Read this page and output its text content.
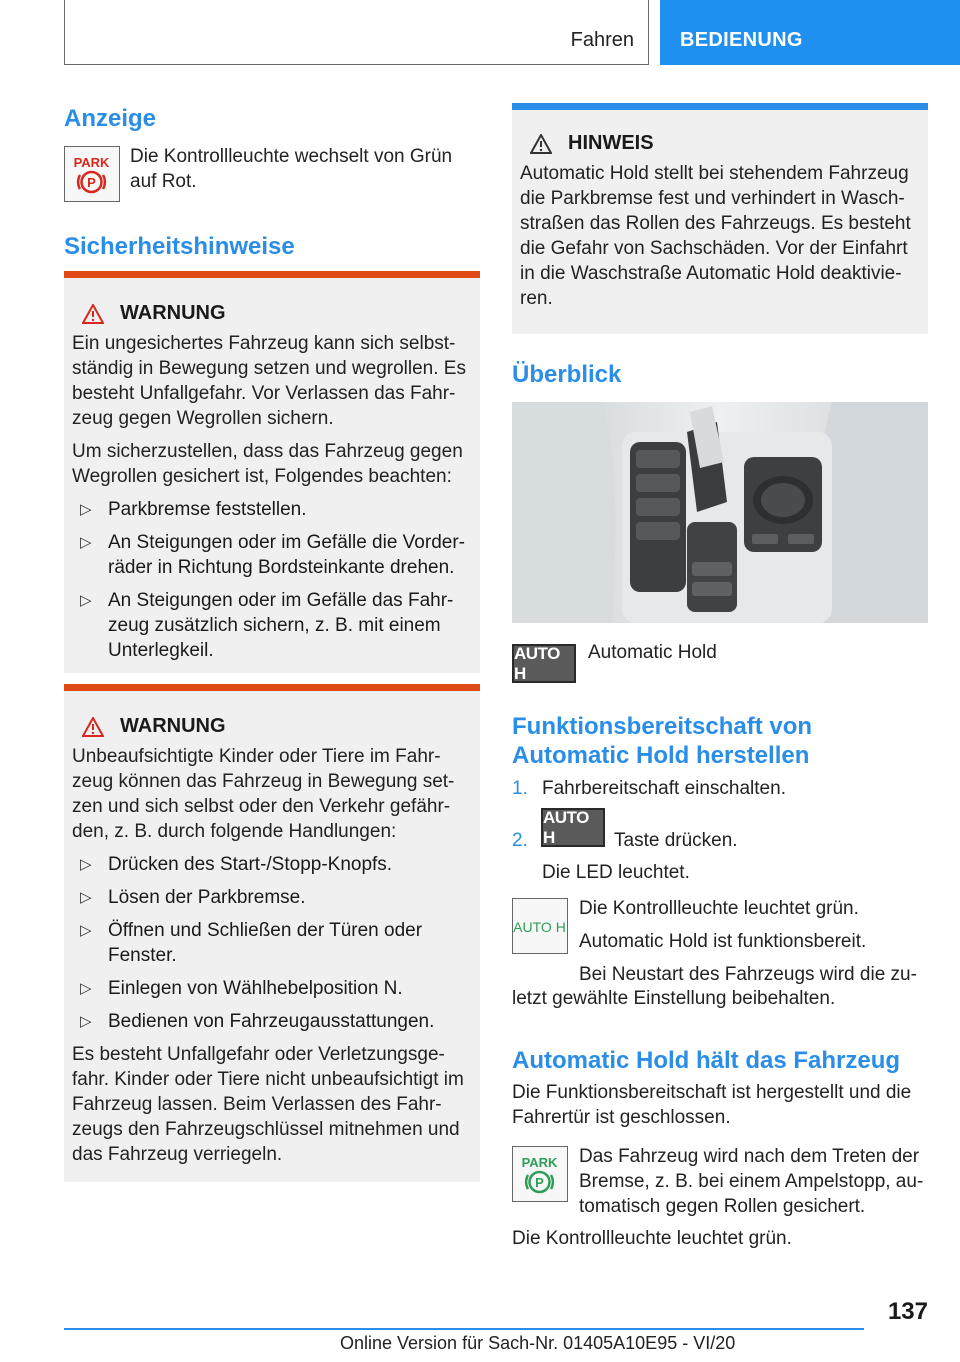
Fahren BEDIENUNG
Anzeige
PARK
P
Die Kontrollleuchte wechselt von Grün
auf Rot.
Sicherheitshinweise
WARNUNG
Ein ungesichertes Fahrzeug kann sich selbst-ständig in Bewegung setzen und wegrollen. Es besteht Unfallgefahr. Vor Verlassen das Fahr-zeug gegen Wegrollen sichern.
Um sicherzustellen, dass das Fahrzeug gegen Wegrollen gesichert ist, Folgendes beachten:
▷ Parkbremse feststellen.
▷ An Steigungen oder im Gefälle die Vorder-räder in Richtung Bordsteinkante drehen.
▷ An Steigungen oder im Gefälle das Fahr-zeug zusätzlich sichern, z. B. mit einem Unterlegkeil.
WARNUNG
Unbeaufsichtigte Kinder oder Tiere im Fahr-zeug können das Fahrzeug in Bewegung set-zen und sich selbst oder den Verkehr gefähr-den, z. B. durch folgende Handlungen:
▷ Drücken des Start-/Stopp-Knopfs.
▷ Lösen der Parkbremse.
▷ Öffnen und Schließen der Türen oder Fenster.
▷ Einlegen von Wählhebelposition N.
▷ Bedienen von Fahrzeugausstattungen.
Es besteht Unfallgefahr oder Verletzungsge-fahr. Kinder oder Tiere nicht unbeaufsichtigt im Fahrzeug lassen. Beim Verlassen des Fahr-zeugs den Fahrzeugschlüssel mitnehmen und das Fahrzeug verriegeln.
HINWEIS
Automatic Hold stellt bei stehendem Fahrzeug die Parkbremse fest und verhindert in Wasch-straßen das Rollen des Fahrzeugs. Es besteht die Gefahr von Sachschäden. Vor der Einfahrt in die Waschstraße Automatic Hold deaktivie-ren.
Überblick
AUTO H
Automatic Hold
Funktionsbereitschaft von
Automatic Hold herstellen
1. Fahrbereitschaft einschalten.
2.
AUTO H	Taste drücken.
Die LED leuchtet.
AUTO H
Die Kontrollleuchte leuchtet grün.
Automatic Hold ist funktionsbereit.
Bei Neustart des Fahrzeugs wird die zu-
letzt gewählte Einstellung beibehalten.
Automatic Hold hält das Fahrzeug
Die Funktionsbereitschaft ist hergestellt und die
Fahrertür ist geschlossen.
PARK
P
Das Fahrzeug wird nach dem Treten der
Bremse, z. B. bei einem Ampelstopp, au-
tomatisch gegen Rollen gesichert.
Die Kontrollleuchte leuchtet grün.
137
Online Version für Sach-Nr. 01405A10E95 - VI/20
